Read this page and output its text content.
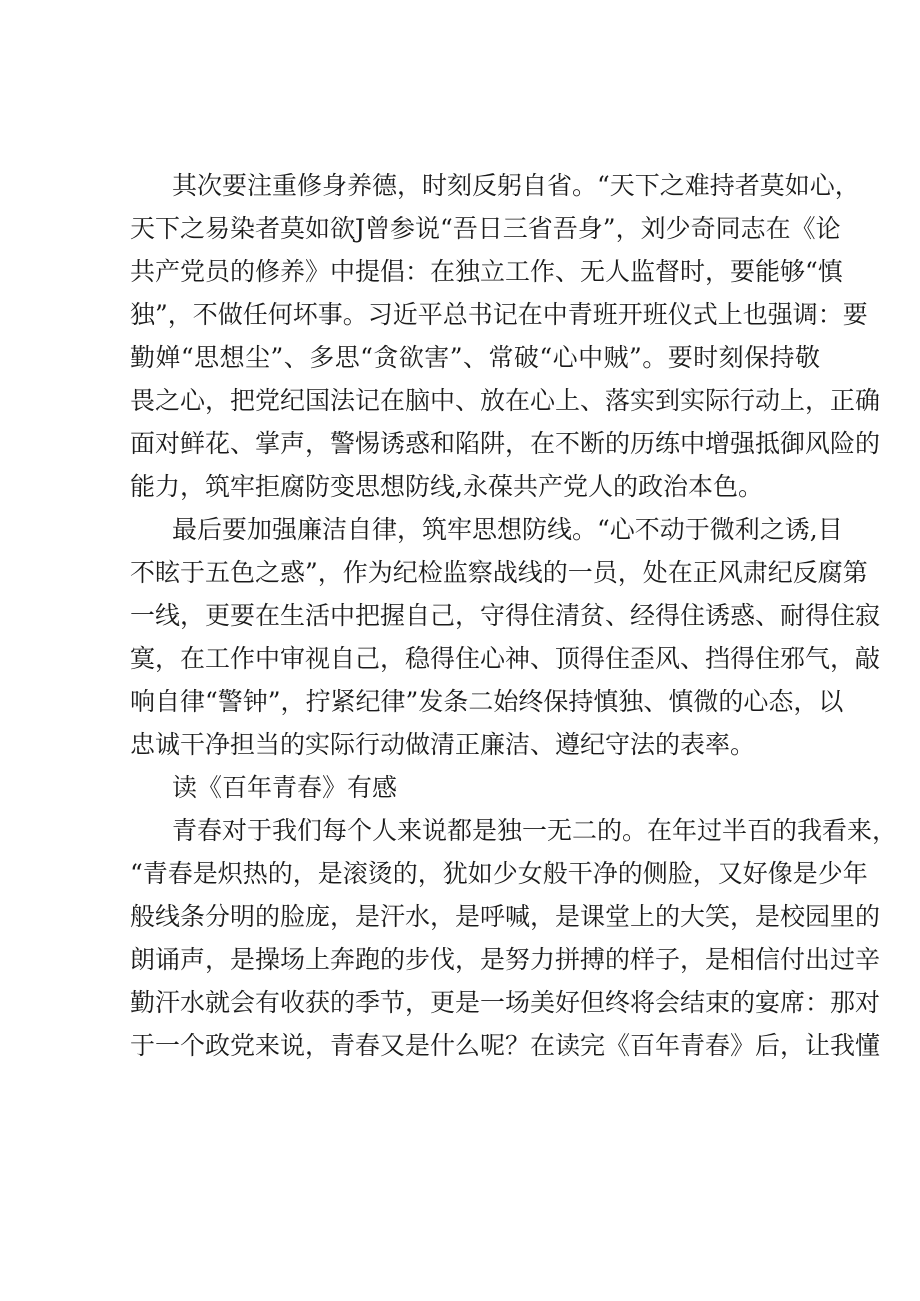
其次要注重修身养德，时刻反躬自省。“天下之难持者莫如心，
天下之易染者莫如欲J曾参说“吾日三省吾身”，刘少奇同志在《论
共产党员的修养》中提倡：在独立工作、无人监督时，要能够“慎
独”，不做任何坏事。习近平总书记在中青班开班仪式上也强调：要
勤婵“思想尘”、多思“贪欲害”、常破“心中贼”。要时刻保持敬
畏之心，把党纪国法记在脑中、放在心上、落实到实际行动上，正确
面对鲜花、掌声，警惕诱惑和陷阱，在不断的历练中增强抵御风险的
能力，筑牢拒腐防变思想防线,永葆共产党人的政治本色。
最后要加强廉洁自律，筑牢思想防线。“心不动于微利之诱,目
不眩于五色之惑”，作为纪检监察战线的一员，处在正风肃纪反腐第
一线，更要在生活中把握自己，守得住清贫、经得住诱惑、耐得住寂
寞，在工作中审视自己，稳得住心神、顶得住歪风、挡得住邪气，敲
响自律“警钟”，拧紧纪律”发条二始终保持慎独、慎微的心态，以
忠诚干净担当的实际行动做清正廉洁、遵纪守法的表率。
读《百年青春》有感
青春对于我们每个人来说都是独一无二的。在年过半百的我看来，
“青春是炽热的，是滚烫的，犹如少女般干净的侧脸，又好像是少年
般线条分明的脸庞，是汗水，是呼喊，是课堂上的大笑，是校园里的
朗诵声，是操场上奔跑的步伐，是努力拼搏的样子，是相信付出过辛
勤汗水就会有收获的季节，更是一场美好但终将会结束的宴席：那对
于一个政党来说，青春又是什么呢？在读完《百年青春》后，让我懂
